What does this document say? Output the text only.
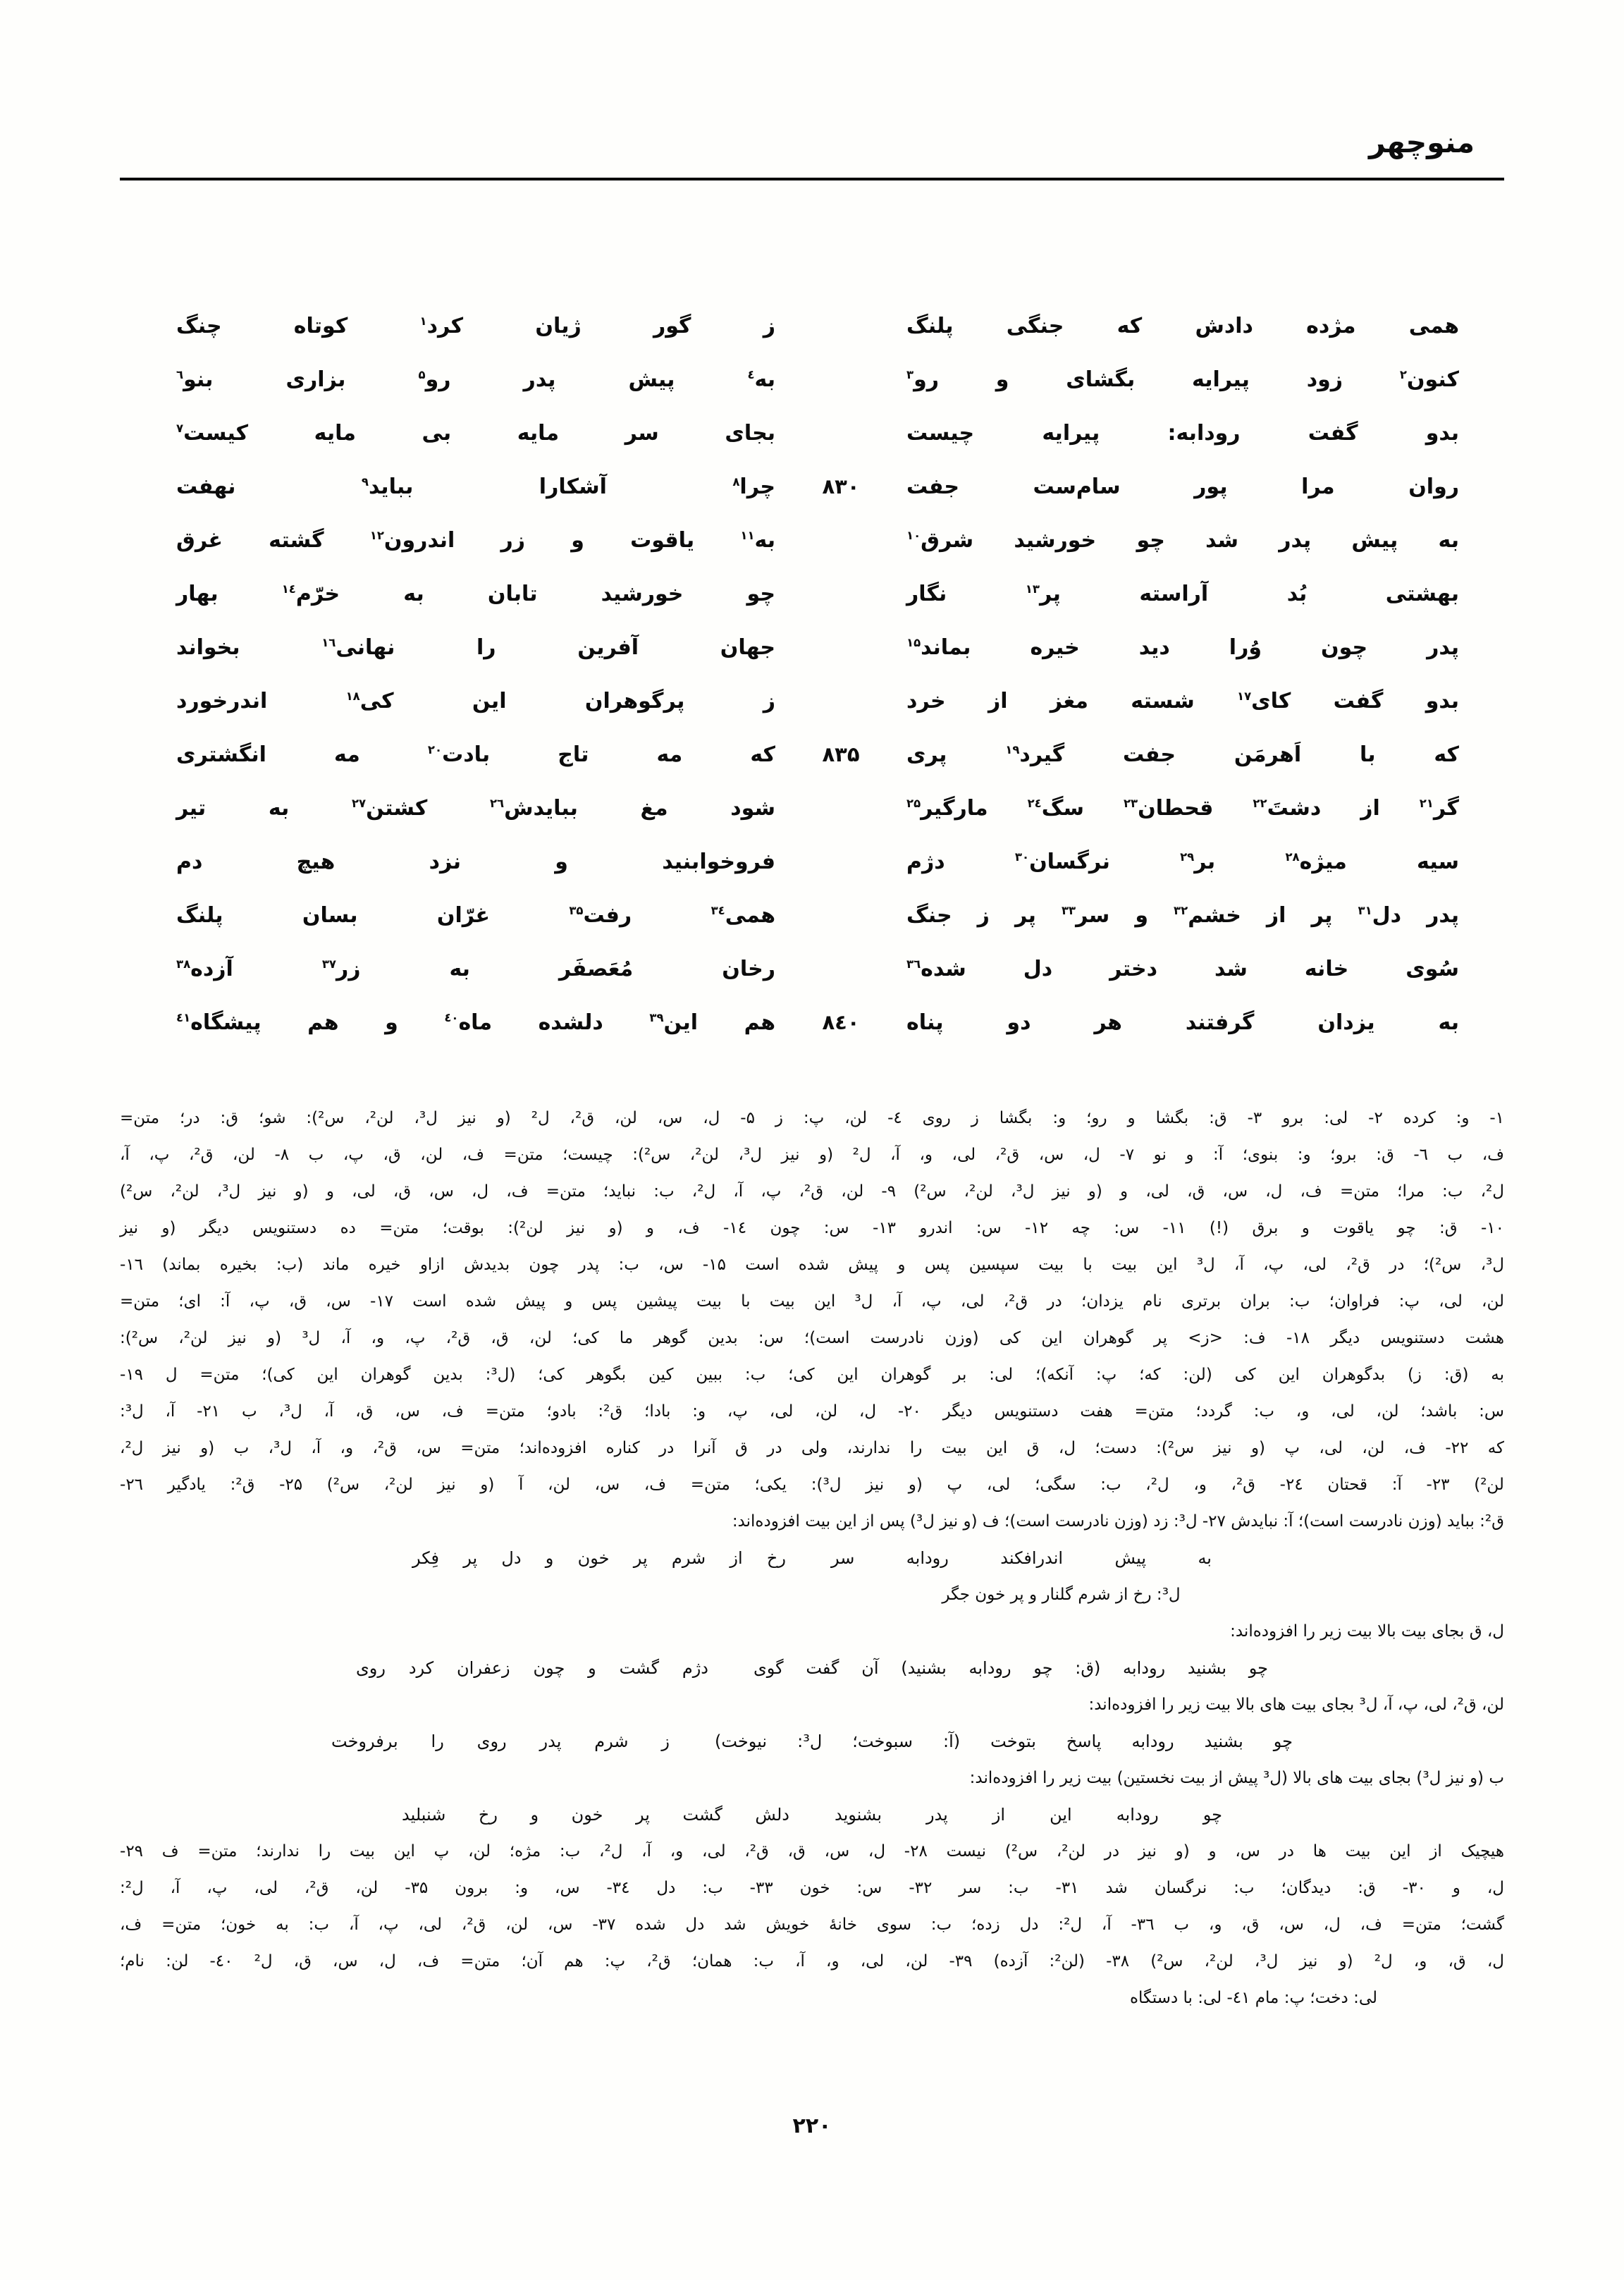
منوچهر
همی مژده دادش که جنگی پلنگ
ز گور ژیان کرد$^۱$ کوتاه چنگ
کنون$^۲$ زود پیرایه بگشای و رو$^۳$
به$^٤$ پیش پدر رو$^۵$ بزاری بنو$^٦$
بدو گفت رودابه: پیرایه چیست
بجای سر مایه بی مایه کیست$^۷$
روان مرا پور سام‌ست جفت
۸۳۰
چرا$^۸$ آشکارا بباید$^۹$ نهفت
به پیش پدر شد چو خورشید شرق$^{۱۰}$
به$^{۱۱}$ یاقوت و زر اندرون$^{۱۲}$ گشته غرق
بهشتی بُد آراسته پر$^{۱۳}$ نگار
چو خورشید تابان به خرّم$^{۱٤}$ بهار
پدر چون وُرا دید خیره بماند$^{۱۵}$
جهان آفرین را نهانی$^{۱٦}$ بخواند
بدو گفت کای$^{۱۷}$ شسته مغز از خرد
ز پرگوهران این کی$^{۱۸}$ اندرخورد
که با اَهرمَن جفت گیرد$^{۱۹}$ پری
۸۳۵
که مه تاج بادت$^{۲۰}$ مه انگشتری
گر$^{۲۱}$ از دشتَ$^{۲۲}$ قحطان$^{۲۳}$ سگ$^{۲٤}$ مارگیر$^{۲۵}$
شود مغ ببایدش$^{۲٦}$ کشتن$^{۲۷}$ به تیر
سیه میژه$^{۲۸}$ بر$^{۲۹}$ نرگسان$^{۳۰}$ دژم
فروخوابنید و نزد هیچ دم
پدر دل$^{۳۱}$ پر از خشم$^{۳۲}$ و سر$^{۳۳}$ پر ز جنگ
همی$^{۳٤}$ رفت$^{۳۵}$ غرّان بسان پلنگ
سُوی خانه شد دختر دل شده$^{۳٦}$
رخان مُعَصفَر به زر$^{۳۷}$ آزده$^{۳۸}$
به یزدان گرفتند هر دو پناه
۸٤۰
هم این$^{۳۹}$ دلشده ماه$^{٤۰}$ و هم پیشگاه$^{٤۱}$
۱- و: کرده ۲- لی: برو ۳- ق: بگشا و رو؛ و: بگشا ز روی ٤- لن، پ: ز ۵- ل، س، لن، ق²، ل² (و نیز ل³، لن²، س²): شو؛ ق: در؛ متن=
ف، ب ٦- ق: برو؛ و: بنوی؛ آ: و نو ۷- ل، س، ق²، لی، و، آ، ل² (و نیز ل³، لن²، س²): چیست؛ متن= ف، لن، ق، پ، ب ۸- لن، ق²، پ، آ،
ل²، ب: مرا؛ متن= ف، ل، س، ق، لی، و (و نیز ل³، لن²، س²) ۹- لن، ق²، پ، آ، ل²، ب: نباید؛ متن= ف، ل، س، ق، لی، و (و نیز ل³، لن²، س²)
۱۰- ق: چو یاقوت و برق (!) ۱۱- س: چه ۱۲- س: اندرو ۱۳- س: چون ۱٤- ف، و (و نیز لن²): بوقت؛ متن= ده دستنویس دیگر (و نیز
ل³، س²)؛ در ق²، لی، پ، آ، ل³ این بیت با بیت سپسین پس و پیش شده است ۱۵- س، ب: پدر چون بدیدش ازاو خیره ماند (ب: بخیره بماند) ۱٦-
لن، لی، پ: فراوان؛ ب: بران برتری نام یزدان؛ در ق²، لی، پ، آ، ل³ این بیت با بیت پیشین پس و پیش شده است ۱۷- س، ق، پ، آ: ای؛ متن=
هشت دستنویس دیگر ۱۸- ف: <ز> پر گوهران این کی (وزن نادرست است)؛ س: بدین گوهر ما کی؛ لن، ق، ق²، پ، و، آ، ل³ (و نیز لن²، س²):
به (ق: ز) بدگوهران این کی (لن: که؛ پ: آنکه)؛ لی: بر گوهران این کی؛ ب: ببین کین بگوهر کی؛ (ل³: بدین گوهران این کی)؛ متن= ل ۱۹-
س: باشد؛ لن، لی، و، ب: گردد؛ متن= هفت دستنویس دیگر ۲۰- ل، لن، لی، پ، و: بادا؛ ق²: بادو؛ متن= ف، س، ق، آ، ل³، ب ۲۱- آ، ل³:
که ۲۲- ف، لن، لی، پ (و نیز س²): دست؛ ل، ق این بیت را ندارند، ولی در ق آنرا در کناره افزوده‌اند؛ متن= س، ق²، و، آ، ل³، ب (و نیز ل²،
لن²) ۲۳- آ: قحتان ۲٤- ق²، و، ل²، ب: سگی؛ لی، پ (و نیز ل³): یکی؛ متن= ف، س، لن، آ (و نیز لن²، س²) ۲۵- ق²: یادگیر ۲٦-
ق²: بباید (وزن نادرست است)؛ آ: نبایدش ۲۷- ل³: زد (وزن نادرست است)؛ ف (و نیز ل³) پس از این بیت افزوده‌اند:
به پیش اندرافکند رودابه سر
رخ از شرم پر خون و دل پر فِکر
ل³: رخ از شرم گلنار و پر خون جگر
ل، ق بجای بیت بالا بیت زیر را افزوده‌اند:
چو بشنید رودابه (ق: چو رودابه بشنید) آن گفت گوی
دژم گشت و چون زعفران کرد روی
لن، ق²، لی، پ، آ، ل³ بجای بیت های بالا بیت زیر را افزوده‌اند:
چو بشنید رودابه پاسخ بتوخت (آ: سبوخت؛ ل³: نیوخت)
ز شرم پدر روی را برفروخت
ب (و نیز ل³) بجای بیت های بالا (ل³ پیش از بیت نخستین) بیت زیر را افزوده‌اند:
چو رودابه این از پدر بشنوید
دلش گشت پر خون و رخ شنبلید
هیچیک از این بیت ها در س، و (و نیز در لن²، س²) نیست ۲۸- ل، س، ق، ق²، لی، و، آ، ل²، ب: مژه؛ لن، پ این بیت را ندارند؛ متن= ف ۲۹-
ل، و ۳۰- ق: دیدگان؛ ب: نرگسان شد ۳۱- ب: سر ۳۲- س: خون ۳۳- ب: دل ۳٤- س، و: برون ۳۵- لن، ق²، لی، پ، آ، ل²:
گشت؛ متن= ف، ل، س، ق، و، ب ۳٦- آ، ل²: دل زده؛ ب: سوی خانهٔ خویش شد دل شده ۳۷- س، لن، ق²، لی، پ، آ، ب: به خون؛ متن= ف،
ل، ق، و، ل² (و نیز ل³، لن²، س²) ۳۸- (لن²: آزده) ۳۹- لن، لی، و، آ، ب: همان؛ ق²، پ: هم آن؛ متن= ف، ل، س، ق، ل² ٤۰- لن: نام؛
لی: دخت؛ پ: مام ٤۱- لی: با دستگاه
۲۲۰
